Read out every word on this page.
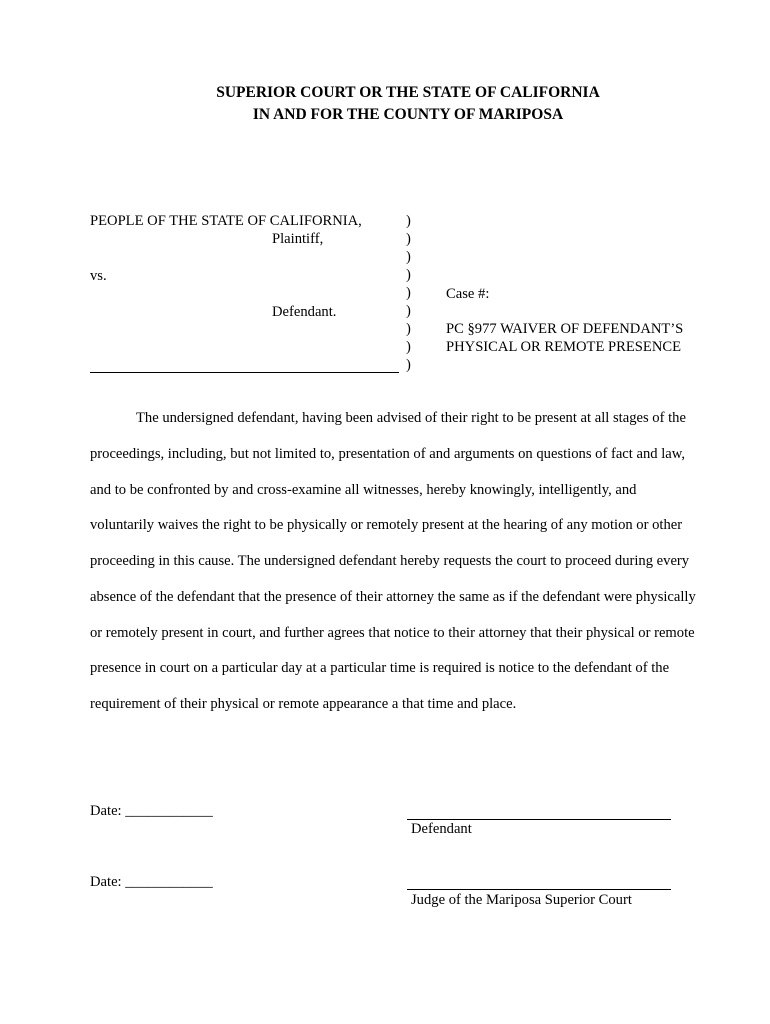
SUPERIOR COURT OR THE STATE OF CALIFORNIA
IN AND FOR THE COUNTY OF MARIPOSA
PEOPLE OF THE STATE OF CALIFORNIA,
Plaintiff,
vs.
Defendant.
)
)
)
)
)
)
)
)
)
Case #:
PC §977 WAIVER OF DEFENDANT’S
PHYSICAL OR REMOTE PRESENCE
The undersigned defendant, having been advised of their right to be present at all stages of the
proceedings, including, but not limited to, presentation of and arguments on questions of fact and law,
and to be confronted by and cross-examine all witnesses, hereby knowingly, intelligently, and
voluntarily waives the right to be physically or remotely present at the hearing of any motion or other
proceeding in this cause. The undersigned defendant hereby requests the court to proceed during every
absence of the defendant that the presence of their attorney the same as if the defendant were physically
or remotely present in court, and further agrees that notice to their attorney that their physical or remote
presence in court on a particular day at a particular time is required is notice to the defendant of the
requirement of their physical or remote appearance a that time and place.
Date: ____________
Defendant
Date: ____________
Judge of the Mariposa Superior Court
